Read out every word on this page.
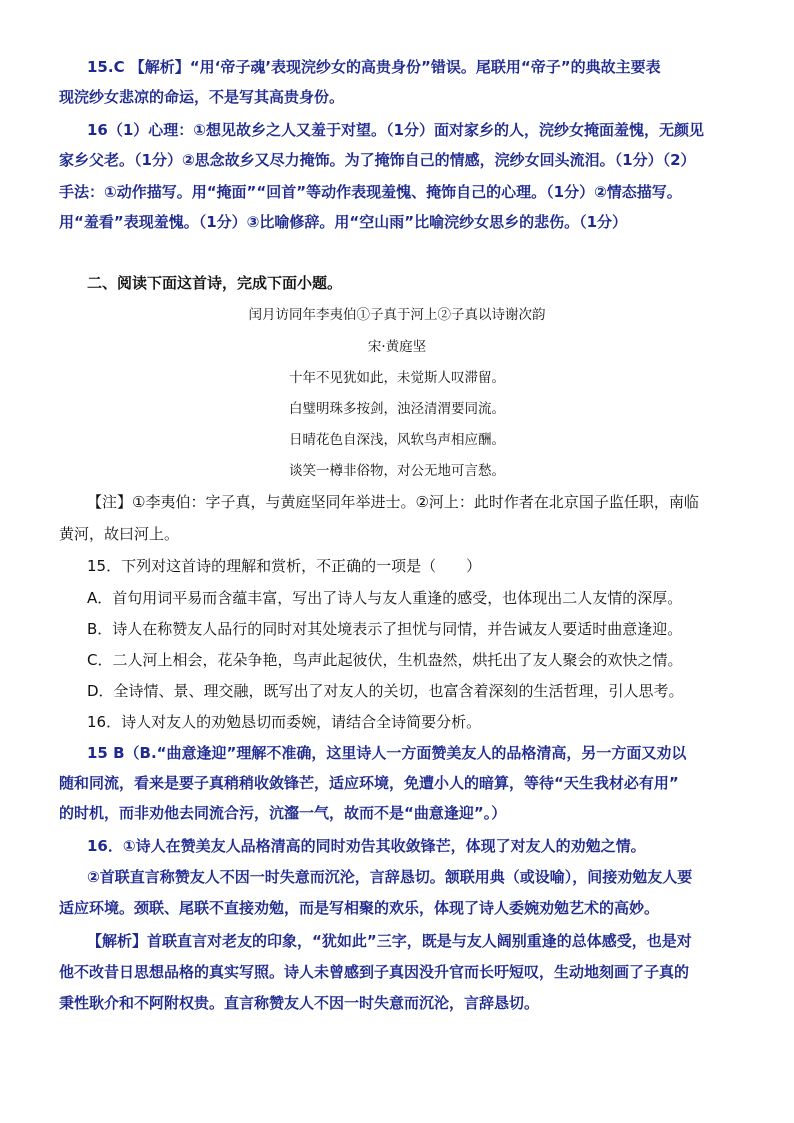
15.C 【解析】“用‘帝子魂’表现浣纱女的高贵身份”错误。尾联用“帝子”的典故主要表
现浣纱女悲凉的命运，不是写其高贵身份。
16（1）心理：①想见故乡之人又羞于对望。（1分）面对家乡的人，浣纱女掩面羞愧，无颜见
家乡父老。（1分）②思念故乡又尽力掩饰。为了掩饰自己的情感，浣纱女回头流泪。（1分）（2）
手法：①动作描写。用“掩面”“回首”等动作表现羞愧、掩饰自己的心理。（1分）②情态描写。
用“羞看”表现羞愧。（1分）③比喻修辞。用“空山雨”比喻浣纱女思乡的悲伤。（1分）
二、阅读下面这首诗，完成下面小题。
闰月访同年李夷伯①子真于河上②子真以诗谢次韵
宋·黄庭坚
十年不见犹如此，未觉斯人叹滞留。
白璧明珠多按剑，浊泾清渭要同流。
日晴花色自深浅，风软鸟声相应酬。
谈笑一樽非俗物，对公无地可言愁。
【注】①李夷伯：字子真，与黄庭坚同年举进士。②河上：此时作者在北京国子监任职，南临
黄河，故曰河上。
15．下列对这首诗的理解和赏析，不正确的一项是（　　）
A．首句用词平易而含蕴丰富，写出了诗人与友人重逢的感受，也体现出二人友情的深厚。
B．诗人在称赞友人品行的同时对其处境表示了担忧与同情，并告诫友人要适时曲意逢迎。
C．二人河上相会，花朵争艳，鸟声此起彼伏，生机盎然，烘托出了友人聚会的欢快之情。
D．全诗情、景、理交融，既写出了对友人的关切，也富含着深刻的生活哲理，引人思考。
16．诗人对友人的劝勉恳切而委婉，请结合全诗简要分析。
15 B（B.“曲意逢迎”理解不准确，这里诗人一方面赞美友人的品格清高，另一方面又劝以
随和同流，看来是要子真稍稍收敛锋芒，适应环境，免遭小人的暗算，等待“天生我材必有用”
的时机，而非劝他去同流合污，沆瀣一气，故而不是“曲意逢迎”。）
16．①诗人在赞美友人品格清高的同时劝告其收敛锋芒，体现了对友人的劝勉之情。
②首联直言称赞友人不因一时失意而沉沦，言辞恳切。颔联用典（或设喻），间接劝勉友人要
适应环境。颈联、尾联不直接劝勉，而是写相聚的欢乐，体现了诗人委婉劝勉艺术的高妙。
【解析】首联直言对老友的印象，“犹如此”三字，既是与友人阔别重逢的总体感受，也是对
他不改昔日思想品格的真实写照。诗人未曾感到子真因没升官而长吁短叹，生动地刻画了子真的
秉性耿介和不阿附权贵。直言称赞友人不因一时失意而沉沦，言辞恳切。
